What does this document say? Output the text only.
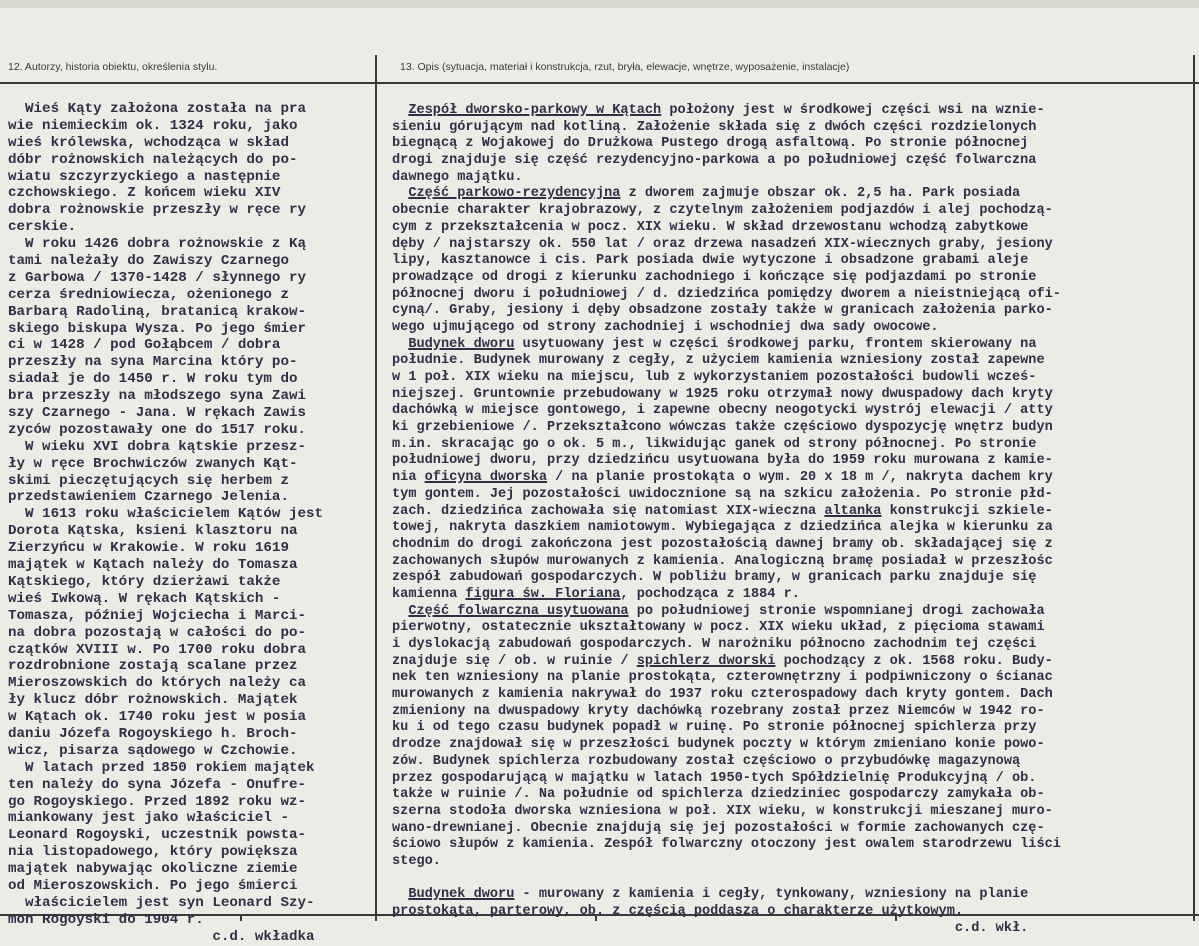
12. Autorzy, historia obiektu, określenia stylu.	13. Opis (sytuacja, materiał i konstrukcja, rzut, bryła, elewacje, wnętrze, wyposażenie, instalacje)
Wieś Kąty założona została na pra
wie niemieckim ok. 1324 roku, jako
wieś królewska, wchodząca w skład
dóbr rożnowskich należących do po-
wiatu szczyrzyckiego a następnie
czchowskiego. Z końcem wieku XIV
dobra rożnowskie przeszły w ręce ry
cerskie.
W roku 1426 dobra rożnowskie z Ką
tami należały do Zawiszy Czarnego
z Garbowa / 1370-1428 / słynnego ry
cerza średniowiecza, ożenionego z
Barbarą Radoliną, bratanicą krakow-
skiego biskupa Wysza. Po jego śmier
ci w 1428 / pod Gołąbcem / dobra
przeszły na syna Marcina który po-
siadał je do 1450 r. W roku tym do
bra przeszły na młodszego syna Zawi
szy Czarnego - Jana. W rękach Zawis
zyców pozostawały one do 1517 roku.
W wieku XVI dobra kątskie przesz-
ły w ręce Brochwiczów zwanych Kąt-
skimi pieczętujących się herbem z
przedstawieniem Czarnego Jelenia.
W 1613 roku właścicielem Kątów jest
Dorota Kątska, ksieni klasztoru na
Zierzyńcu w Krakowie. W roku 1619
majątek w Kątach należy do Tomasza
Kątskiego, który dzierżawi także
wieś Iwkową. W rękach Kątskich -
Tomasza, później Wojciecha i Marci-
na dobra pozostają w całości do po-
czątków XVIII w. Po 1700 roku dobra
rozdrobnione zostają scalane przez
Mieroszowskich do których należy ca
ły klucz dóbr rożnowskich. Majątek
w Kątach ok. 1740 roku jest w posia
daniu Józefa Rogoyskiego h. Broch-
wicz, pisarza sądowego w Czchowie.
W latach przed 1850 rokiem majątek
ten należy do syna Józefa - Onufre-
go Rogoyskiego. Przed 1892 roku wz-
miankowany jest jako właściciel -
Leonard Rogoyski, uczestnik powsta-
nia listopadowego, który powiększa
majątek nabywając okoliczne ziemie
od Mieroszowskich. Po jego śmierci
właścicielem jest syn Leonard Szy-
mon Rogoyski do 1904 r.
c.d. wkładka
Zespół dworsko-parkowy w Kątach położony jest w środkowej części wsi na wznie-
sieniu górującym nad kotliną. Założenie składa się z dwóch części rozdzielonych
biegnącą z Wojakowej do Drużkowa Pustego drogą asfaltową. Po stronie północnej
drogi znajduje się część rezydencyjno-parkowa a po południowej część folwarczna
dawnego majątku.
Część parkowo-rezydencyjna z dworem zajmuje obszar ok. 2,5 ha. Park posiada
obecnie charakter krajobrazowy, z czytelnym założeniem podjazdów i alej pochodzą-
cym z przekształcenia w pocz. XIX wieku. W skład drzewostanu wchodzą zabytkowe
dęby / najstarszy ok. 550 lat / oraz drzewa nasadzeń XIX-wiecznych graby, jesiony
lipy, kasztanowce i cis. Park posiada dwie wytyczone i obsadzone grabami aleje
prowadzące od drogi z kierunku zachodniego i kończące się podjazdami po stronie
północnej dworu i południowej / d. dziedzińca pomiędzy dworem a nieistniejącą ofi-
cyną/. Graby, jesiony i dęby obsadzone zostały także w granicach założenia parko-
wego ujmującego od strony zachodniej i wschodniej dwa sady owocowe.
Budynek dworu usytuowany jest w części środkowej parku, frontem skierowany na
południe. Budynek murowany z cegły, z użyciem kamienia wzniesiony został zapewne
w 1 poł. XIX wieku na miejscu, lub z wykorzystaniem pozostałości budowli wcześ-
niejszej. Gruntownie przebudowany w 1925 roku otrzymał nowy dwuspadowy dach kryty
dachówką w miejsce gontowego, i zapewne obecny neogotycki wystrój elewacji / atty
ki grzebieniowe /. Przekształcono wówczas także częściowo dyspozycję wnętrz budyn
m.in. skracając go o ok. 5 m., likwidując ganek od strony północnej. Po stronie
południowej dworu, przy dziedzińcu usytuowana była do 1959 roku murowana z kamie-
nia oficyna dworska / na planie prostokąta o wym. 20 x 18 m /, nakryta dachem kry
tym gontem. Jej pozostałości uwidocznione są na szkicu założenia. Po stronie płd-
zach. dziedzińca zachowała się natomiast XIX-wieczna altanka konstrukcji szkiele-
towej, nakryta daszkiem namiotowym. Wybiegająca z dziedzińca alejka w kierunku za
chodnim do drogi zakończona jest pozostałością dawnej bramy ob. składającej się z
zachowanych słupów murowanych z kamienia. Analogiczną bramę posiadał w przeszłośc
zespół zabudowań gospodarczych. W pobliżu bramy, w granicach parku znajduje się
kamienna figura św. Floriana, pochodząca z 1884 r.
Część folwarczna usytuowana po południowej stronie wspomnianej drogi zachowała
pierwotny, ostatecznie ukształtowany w pocz. XIX wieku układ, z pięcioma stawami
i dyslokacją zabudowań gospodarczych. W narożniku północno zachodnim tej części
znajduje się / ob. w ruinie / spichlerz dworski pochodzący z ok. 1568 roku. Budy-
nek ten wzniesiony na planie prostokąta, czterownętrzny i podpiwniczony o ścianac
murowanych z kamienia nakrywał do 1937 roku czterospadowy dach kryty gontem. Dach
zmieniony na dwuspadowy kryty dachówką rozebrany został przez Niemców w 1942 ro-
ku i od tego czasu budynek popadł w ruinę. Po stronie północnej spichlerza przy
drodze znajdował się w przeszłości budynek poczty w którym zmieniano konie powo-
zów. Budynek spichlerza rozbudowany został częściowo o przybudówkę magazynową
przez gospodarującą w majątku w latach 1950-tych Spółdzielnię Produkcyjną / ob.
także w ruinie /. Na południe od spichlerza dziedziniec gospodarczy zamykała ob-
szerna stodoła dworska wzniesiona w poł. XIX wieku, w konstrukcji mieszanej muro-
wano-drewnianej. Obecnie znajdują się jej pozostałości w formie zachowanych czę-
ściowo słupów z kamienia. Zespół folwarczny otoczony jest owalem starodrzewu liści
stego.
Budynek dworu - murowany z kamienia i cegły, tynkowany, wzniesiony na planie
prostokąta, parterowy, ob. z częścią poddasza o charakterze użytkowym.
c.d. wkł.
